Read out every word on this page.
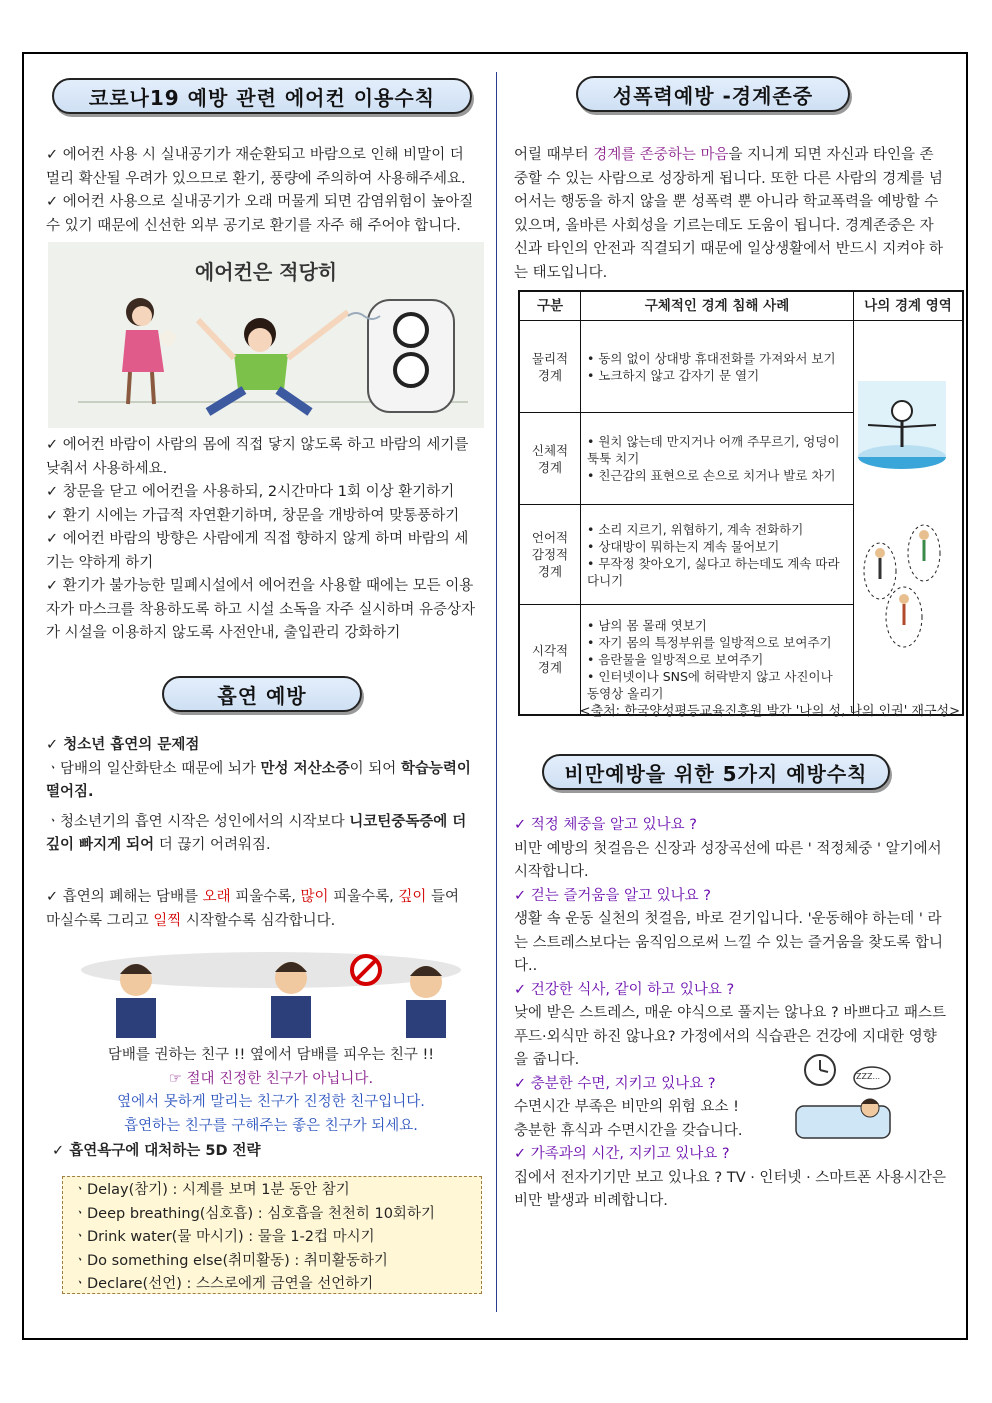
코로나19 예방 관련 에어컨 이용수칙
✓ 에어컨 사용 시 실내공기가 재순환되고 바람으로 인해 비말이 더 멀리 확산될 우려가 있으므로 환기, 풍량에 주의하여 사용해주세요.
✓ 에어컨 사용으로 실내공기가 오래 머물게 되면 감염위험이 높아질 수 있기 때문에 신선한 외부 공기로 환기를 자주 해 주어야 합니다.
에어컨은 적당히
✓ 에어컨 바람이 사람의 몸에 직접 닿지 않도록 하고 바람의 세기를 낮춰서 사용하세요.
✓ 창문을 닫고 에어컨을 사용하되, 2시간마다 1회 이상 환기하기
✓ 환기 시에는 가급적 자연환기하며, 창문을 개방하여 맞통풍하기
✓ 에어컨 바람의 방향은 사람에게 직접 향하지 않게 하며 바람의 세기는 약하게 하기
✓ 환기가 불가능한 밀폐시설에서 에어컨을 사용할 때에는 모든 이용자가 마스크를 착용하도록 하고 시설 소독을 자주 실시하며 유증상자가 시설을 이용하지 않도록 사전안내, 출입관리 강화하기
흡연 예방
✓ 청소년 흡연의 문제점
ㆍ담배의 일산화탄소 때문에 뇌가 만성 저산소증이 되어 학습능력이 떨어짐.
ㆍ청소년기의 흡연 시작은 성인에서의 시작보다 니코틴중독증에 더 깊이 빠지게 되어 더 끊기 어려워짐.
✓ 흡연의 폐해는 담배를 오래 피울수록, 많이 피울수록, 깊이 들여 마실수록 그리고 일찍 시작할수록 심각합니다.
담배를 권하는 친구 !! 옆에서 담배를 피우는 친구 !!
☞ 절대 진정한 친구가 아닙니다.
옆에서 못하게 말리는 친구가 진정한 친구입니다.
흡연하는 친구를 구해주는 좋은 친구가 되세요.
✓ 흡연욕구에 대처하는 5D 전략
ㆍDelay(참기) : 시계를 보며 1분 동안 참기
ㆍDeep breathing(심호흡) : 심호흡을 천천히 10회하기
ㆍDrink water(물 마시기) : 물을 1-2컵 마시기
ㆍDo something else(취미활동) : 취미활동하기
ㆍDeclare(선언) : 스스로에게 금연을 선언하기
성폭력예방 -경계존중
어릴 때부터 경계를 존중하는 마음을 지니게 되면 자신과 타인을 존중할 수 있는 사람으로 성장하게 됩니다. 또한 다른 사람의 경계를 넘어서는 행동을 하지 않을 뿐 성폭력 뿐 아니라 학교폭력을 예방할 수 있으며, 올바른 사회성을 기르는데도 도움이 됩니다. 경계존중은 자신과 타인의 안전과 직결되기 때문에 일상생활에서 반드시 지켜야 하는 태도입니다.
구분	구체적인 경계 침해 사례	나의 경계 영역
물리적 경계	• 동의 없이 상대방 휴대전화를 가져와서 보기
• 노크하지 않고 갑자기 문 열기

신체적 경계	• 원치 않는데 만지거나 어깨 주무르기, 엉덩이 툭툭 치기
• 친근감의 표현으로 손으로 치거나 발로 차기	

언어적 감정적 경계	• 소리 지르기, 위협하기, 계속 전화하기
• 상대방이 뭐하는지 계속 물어보기
• 무작정 찾아오기, 싫다고 하는데도 계속 따라다니기	

시각적 경계	• 남의 몸 몰래 엿보기
• 자기 몸의 특정부위를 일방적으로 보여주기
• 음란물을 일방적으로 보여주기
• 인터넷이나 SNS에 허락받지 않고 사진이나 동영상 올리기	
<출처: 한국양성평등교육진흥원 발간 '나의 성, 나의 인권' 재구성>
비만예방을 위한 5가지 예방수칙
✓ 적정 체중을 알고 있나요 ?
비만 예방의 첫걸음은 신장과 성장곡선에 따른 ' 적정체중 ' 알기에서 시작합니다.
✓ 걷는 즐거움을 알고 있나요 ?
생활 속 운동 실천의 첫걸음, 바로 걷기입니다. '운동해야 하는데 ' 라는 스트레스보다는 움직임으로써 느낄 수 있는 즐거움을 찾도록 합니다..
✓ 건강한 식사, 같이 하고 있나요 ?
낮에 받은 스트레스, 매운 야식으로 풀지는 않나요 ? 바쁘다고 패스트푸드·외식만 하진 않나요? 가정에서의 식습관은 건강에 지대한 영향을 줍니다.
✓ 충분한 수면, 지키고 있나요 ?
수면시간 부족은 비만의 위험 요소 !
충분한 휴식과 수면시간을 갖습니다.
✓ 가족과의 시간, 지키고 있나요 ?
집에서 전자기기만 보고 있나요 ? TV · 인터넷 · 스마트폰 사용시간은 비만 발생과 비례합니다.
ZZZ...
